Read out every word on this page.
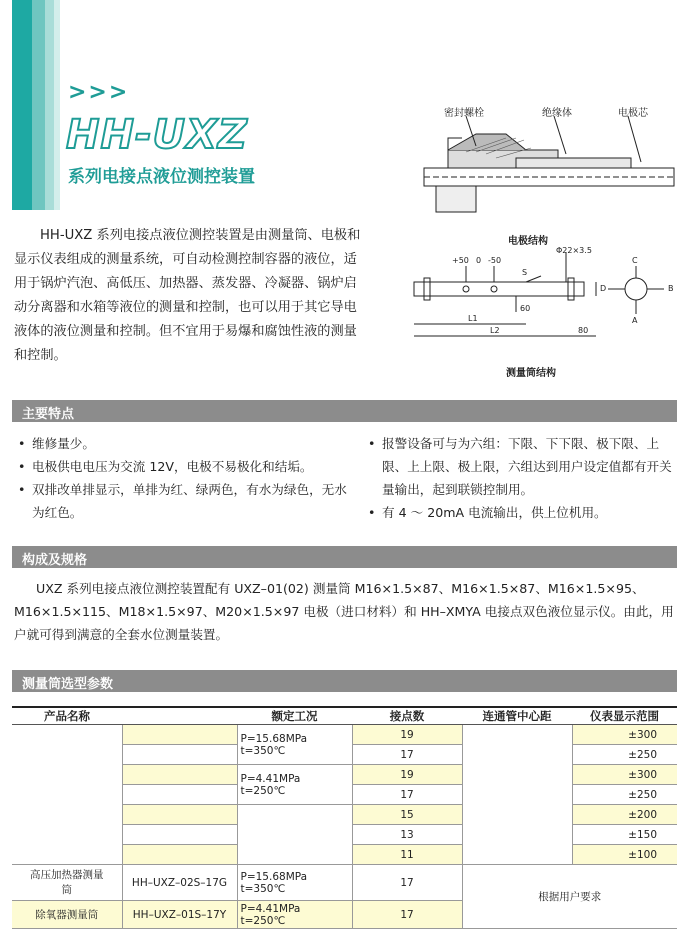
>>>
HH-UXZ
系列电接点液位测控装置

HH-UXZ 系列电接点液位测控装置是由测量筒、电极和显示仪表组成的测量系统，可自动检测控制容器的液位，适用于锅炉汽泡、高低压、加热器、蒸发器、冷凝器、锅炉启动分离器和水箱等液位的测量和控制，也可以用于其它导电液体的液位测量和控制。但不宜用于易爆和腐蚀性液的测量和控制。

密封螺栓	绝缘体	电极芯
电极结构
+50 0 -50
Φ22×3.5
S
60
L1
L2	80
D
C
B
A
测量筒结构
主要特点
• 维修量少。
• 电极供电电压为交流 12V，电极不易极化和结垢。
• 双排改单排显示，单排为红、绿两色，有水为绿色，无水为红色。
• 报警设备可与为六组：下限、下下限、极下限、上限、上上限、极上限，六组达到用户设定值都有开关量输出，起到联锁控制用。
• 有 4 ～ 20mA 电流输出，供上位机用。
构成及规格

UXZ 系列电接点液位测控装置配有 UXZ–01(02) 测量筒 M16×1.5×87、M16×1.5×87、M16×1.5×95、M16×1.5×115、M18×1.5×97、M20×1.5×97 电极（进口材料）和 HH–XMYA 电接点双色液位显示仪。由此，用户就可得到满意的全套水位测量装置。

测量筒选型参数
产品名称		额定工况	接点数	连通管中心距	仪表显示范围

		P=15.68MPa
t=350℃	19		±300
			17		±250

		P=4.41MPa
t=250℃	19		±300
			17		±250
			15		±200
			13		±150
			11		±100
高压加热器测量筒	HH–UXZ–02S–17G	P=15.68MPa
t=350℃	17	根据用户要求	
除氧器测量筒	HH–UXZ–01S–17Y	P=4.41MPa
t=250℃	17		
